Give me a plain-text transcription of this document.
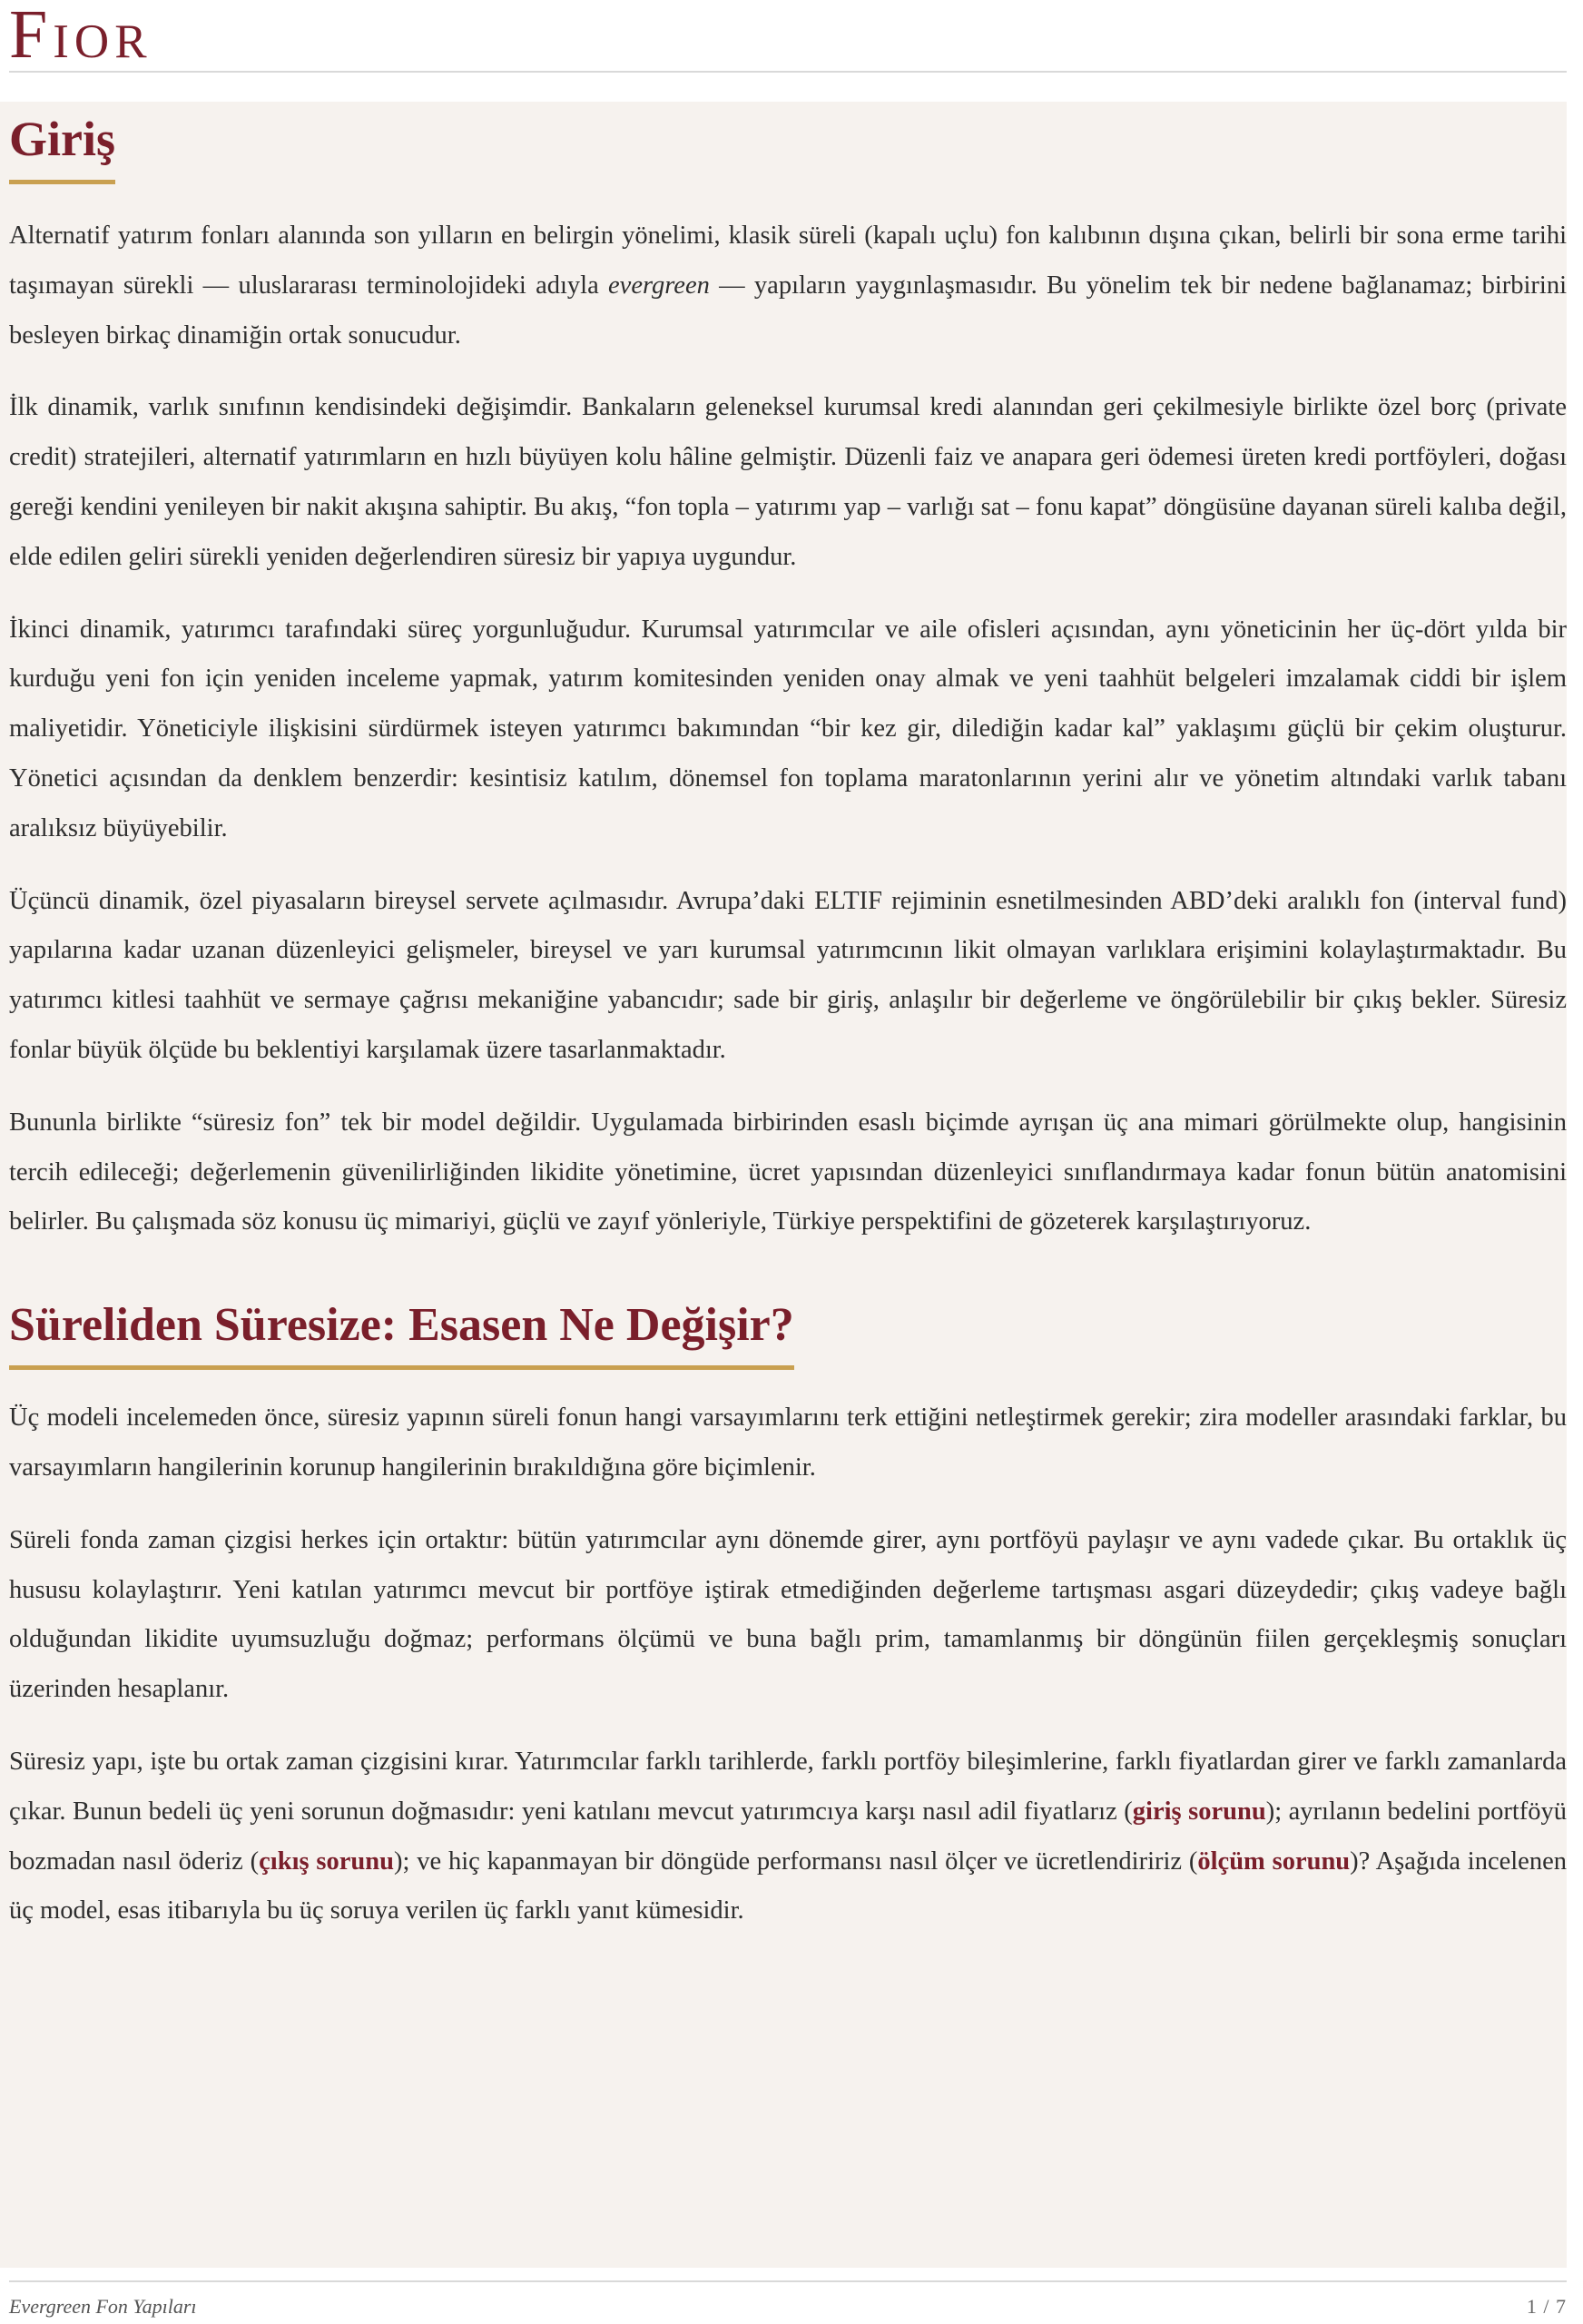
Fior
Giriş

Alternatif yatırım fonları alanında son yılların en belirgin yönelimi, klasik süreli (kapalı uçlu) fon kalıbının dışına çıkan, belirli bir sona erme tarihi taşımayan sürekli — uluslararası terminolojideki adıyla evergreen — yapıların yaygınlaşmasıdır. Bu yönelim tek bir nedene bağlanamaz; birbirini besleyen birkaç dinamiğin ortak sonucudur.

İlk dinamik, varlık sınıfının kendisindeki değişimdir. Bankaların geleneksel kurumsal kredi alanından geri çekilmesiyle birlikte özel borç (private credit) stratejileri, alternatif yatırımların en hızlı büyüyen kolu hâline gelmiştir. Düzenli faiz ve anapara geri ödemesi üreten kredi portföyleri, doğası gereği kendini yenileyen bir nakit akışına sahiptir. Bu akış, “fon topla – yatırımı yap – varlığı sat – fonu kapat” döngüsüne dayanan süreli kalıba değil, elde edilen geliri sürekli yeniden değerlendiren süresiz bir yapıya uygundur.

İkinci dinamik, yatırımcı tarafındaki süreç yorgunluğudur. Kurumsal yatırımcılar ve aile ofisleri açısından, aynı yöneticinin her üç-dört yılda bir kurduğu yeni fon için yeniden inceleme yapmak, yatırım komitesinden yeniden onay almak ve yeni taahhüt belgeleri imzalamak ciddi bir işlem maliyetidir. Yöneticiyle ilişkisini sürdürmek isteyen yatırımcı bakımından “bir kez gir, dilediğin kadar kal” yaklaşımı güçlü bir çekim oluşturur. Yönetici açısından da denklem benzerdir: kesintisiz katılım, dönemsel fon toplama maratonlarının yerini alır ve yönetim altındaki varlık tabanı aralıksız büyüyebilir.

Üçüncü dinamik, özel piyasaların bireysel servete açılmasıdır. Avrupa’daki ELTIF rejiminin esnetilmesinden ABD’deki aralıklı fon (interval fund) yapılarına kadar uzanan düzenleyici gelişmeler, bireysel ve yarı kurumsal yatırımcının likit olmayan varlıklara erişimini kolaylaştırmaktadır. Bu yatırımcı kitlesi taahhüt ve sermaye çağrısı mekaniğine yabancıdır; sade bir giriş, anlaşılır bir değerleme ve öngörülebilir bir çıkış bekler. Süresiz fonlar büyük ölçüde bu beklentiyi karşılamak üzere tasarlanmaktadır.

Bununla birlikte “süresiz fon” tek bir model değildir. Uygulamada birbirinden esaslı biçimde ayrışan üç ana mimari görülmekte olup, hangisinin tercih edileceği; değerlemenin güvenilirliğinden likidite yönetimine, ücret yapısından düzenleyici sınıflandırmaya kadar fonun bütün anatomisini belirler. Bu çalışmada söz konusu üç mimariyi, güçlü ve zayıf yönleriyle, Türkiye perspektifini de gözeterek karşılaştırıyoruz.

Süreliden Süresize: Esasen Ne Değişir?

Üç modeli incelemeden önce, süresiz yapının süreli fonun hangi varsayımlarını terk ettiğini netleştirmek gerekir; zira modeller arasındaki farklar, bu varsayımların hangilerinin korunup hangilerinin bırakıldığına göre biçimlenir.

Süreli fonda zaman çizgisi herkes için ortaktır: bütün yatırımcılar aynı dönemde girer, aynı portföyü paylaşır ve aynı vadede çıkar. Bu ortaklık üç hususu kolaylaştırır. Yeni katılan yatırımcı mevcut bir portföye iştirak etmediğinden değerleme tartışması asgari düzeydedir; çıkış vadeye bağlı olduğundan likidite uyumsuzluğu doğmaz; performans ölçümü ve buna bağlı prim, tamamlanmış bir döngünün fiilen gerçekleşmiş sonuçları üzerinden hesaplanır.

Süresiz yapı, işte bu ortak zaman çizgisini kırar. Yatırımcılar farklı tarihlerde, farklı portföy bileşimlerine, farklı fiyatlardan girer ve farklı zamanlarda çıkar. Bunun bedeli üç yeni sorunun doğmasıdır: yeni katılanı mevcut yatırımcıya karşı nasıl adil fiyatlarız (giriş sorunu); ayrılanın bedelini portföyü bozmadan nasıl öderiz (çıkış sorunu); ve hiç kapanmayan bir döngüde performansı nasıl ölçer ve ücretlendiririz (ölçüm sorunu)? Aşağıda incelenen üç model, esas itibarıyla bu üç soruya verilen üç farklı yanıt kümesidir.

Evergreen Fon Yapıları	1 / 7
